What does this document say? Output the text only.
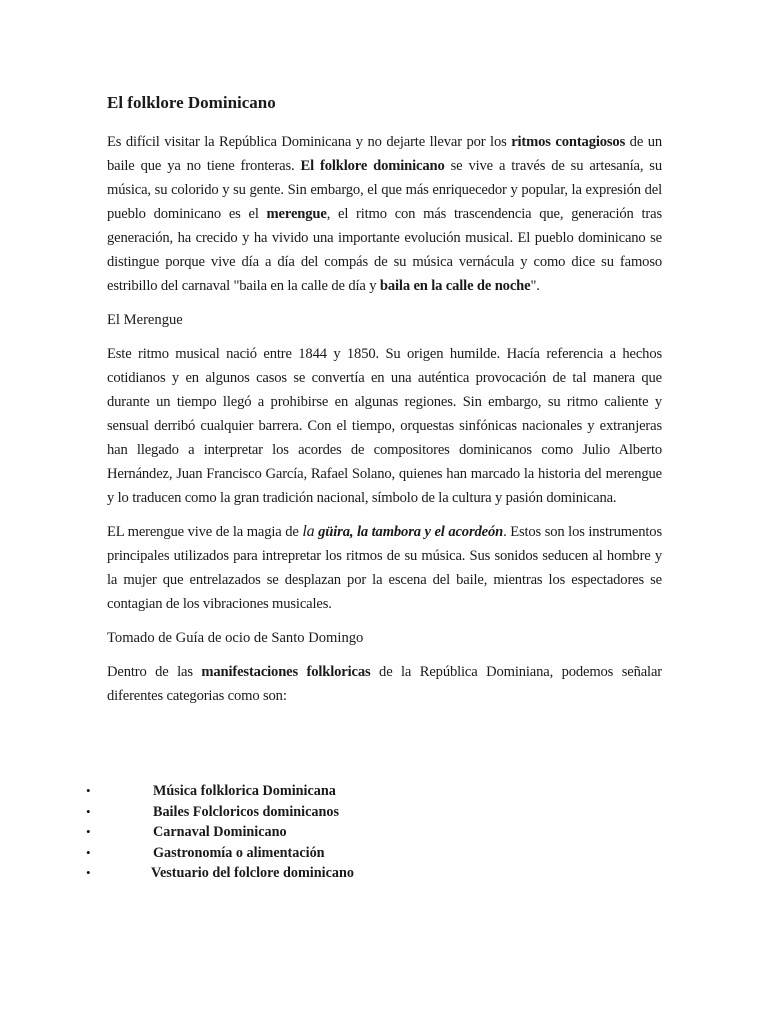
El folklore Dominicano

Es difícil visitar la República Dominicana y no dejarte llevar por los ritmos contagiosos de un baile que ya no tiene fronteras. El folklore dominicano se vive a través de su artesanía, su música, su colorido y su gente. Sin embargo, el que más enriquecedor y popular, la expresión del pueblo dominicano es el merengue, el ritmo con más trascendencia que, generación tras generación, ha crecido y ha vivido una importante evolución musical. El pueblo dominicano se distingue porque vive día a día del compás de su música vernácula y como dice su famoso estribillo del carnaval "baila en la calle de día y baila en la calle de noche".

El Merengue

Este ritmo musical nació entre 1844 y 1850. Su origen humilde. Hacía referencia a hechos cotidianos y en algunos casos se convertía en una auténtica provocación de tal manera que durante un tiempo llegó a prohibirse en algunas regiones. Sin embargo, su ritmo caliente y sensual derribó cualquier barrera. Con el tiempo, orquestas sinfónicas nacionales y extranjeras han llegado a interpretar los acordes de compositores dominicanos como Julio Alberto Hernández, Juan Francisco García, Rafael Solano, quienes han marcado la historia del merengue y lo traducen como la gran tradición nacional, símbolo de la cultura y pasión dominicana.

EL merengue vive de la magia de la güira, la tambora y el acordeón. Estos son los instrumentos principales utilizados para intrepretar los ritmos de su música. Sus sonidos seducen al hombre y la mujer que entrelazados se desplazan por la escena del baile, mientras los espectadores se contagian de los vibraciones musicales.

Tomado de Guía de ocio de Santo Domingo

Dentro de las manifestaciones folkloricas de la República Dominiana, podemos señalar diferentes categorias como son:

•	Música folklorica Dominicana
•	Bailes Folcloricos dominicanos
•	Carnaval Dominicano
•	Gastronomía o alimentación
•	Vestuario del folclore dominicano
